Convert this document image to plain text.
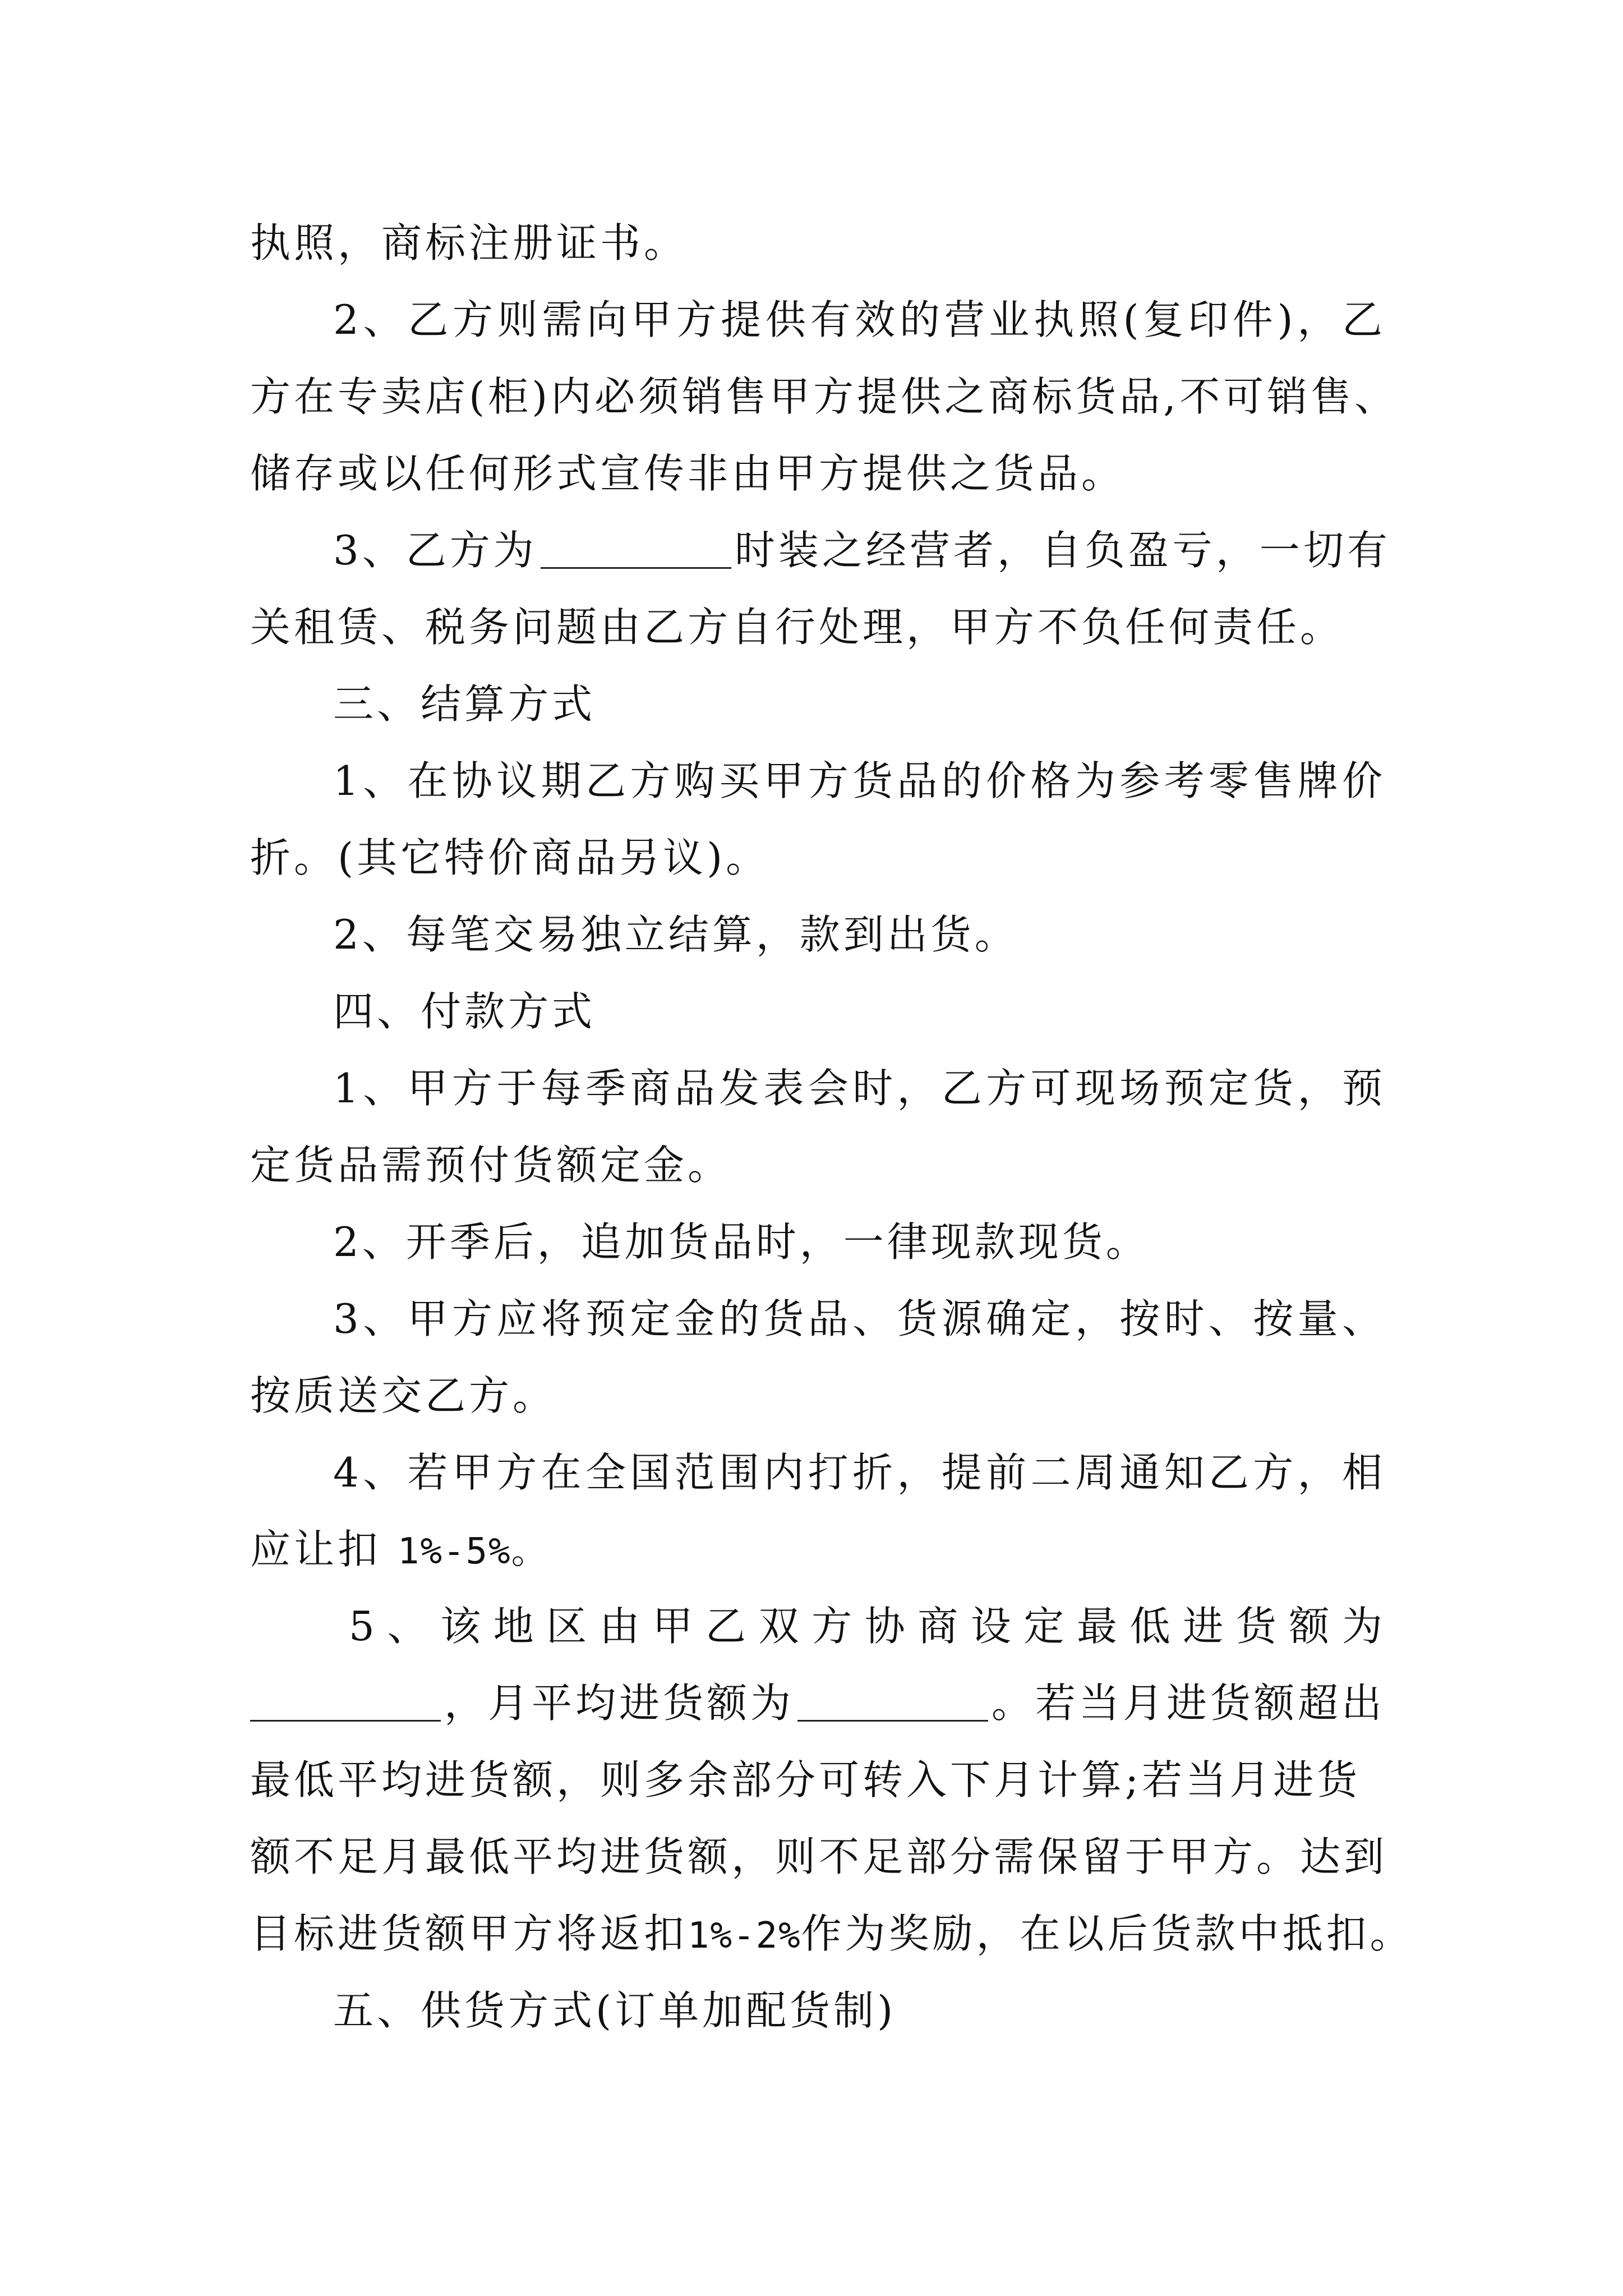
执照，商标注册证书。
2、乙方则需向甲方提供有效的营业执照(复印件)，乙
方在专卖店(柜)内必须销售甲方提供之商标货品,不可销售、
储存或以任何形式宣传非由甲方提供之货品。
3、乙方为	时装之经营者，自负盈亏，一切有
关租赁、税务问题由乙方自行处理，甲方不负任何责任。
三、结算方式
1、在协议期乙方购买甲方货品的价格为参考零售牌价
折。(其它特价商品另议)。
2、每笔交易独立结算，款到出货。
四、付款方式
1、甲方于每季商品发表会时，乙方可现场预定货，预
定货品需预付货额定金。
2、开季后，追加货品时，一律现款现货。
3、甲方应将预定金的货品、货源确定，按时、按量、
按质送交乙方。
4、若甲方在全国范围内打折，提前二周通知乙方，相
应让扣 1%-5%。
5、该地区由甲乙双方协商设定最低进货额为
，月平均进货额为	。若当月进货额超出
最低平均进货额，则多余部分可转入下月计算;若当月进货
额不足月最低平均进货额，则不足部分需保留于甲方。达到
目标进货额甲方将返扣1%-2%作为奖励，在以后货款中抵扣。
五、供货方式(订单加配货制)
